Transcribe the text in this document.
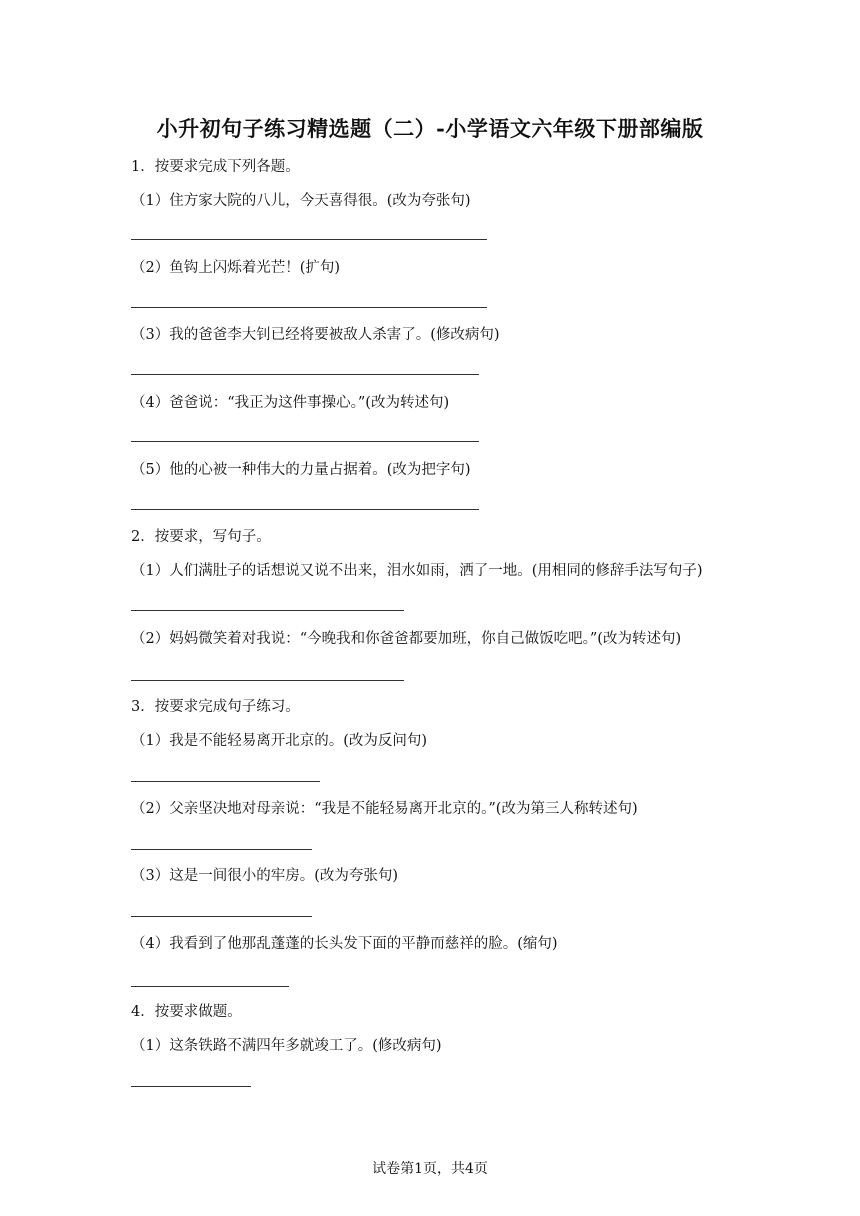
小升初句子练习精选题（二）-小学语文六年级下册部编版
1．按要求完成下列各题。
（1）住方家大院的八儿，今天喜得很。(改为夸张句)
（2）鱼钩上闪烁着光芒！(扩句)
（3）我的爸爸李大钊已经将要被敌人杀害了。(修改病句)
（4）爸爸说：“我正为这件事操心。”(改为转述句)
（5）他的心被一种伟大的力量占据着。(改为把字句)
2．按要求，写句子。
（1）人们满肚子的话想说又说不出来，泪水如雨，洒了一地。(用相同的修辞手法写句子)
（2）妈妈微笑着对我说：“今晚我和你爸爸都要加班，你自己做饭吃吧。”(改为转述句)
3．按要求完成句子练习。
（1）我是不能轻易离开北京的。(改为反问句)
（2）父亲坚决地对母亲说：“我是不能轻易离开北京的。”(改为第三人称转述句)
（3）这是一间很小的牢房。(改为夸张句)
（4）我看到了他那乱蓬蓬的长头发下面的平静而慈祥的脸。(缩句)
4．按要求做题。
（1）这条铁路不满四年多就竣工了。(修改病句)
试卷第1页，共4页
